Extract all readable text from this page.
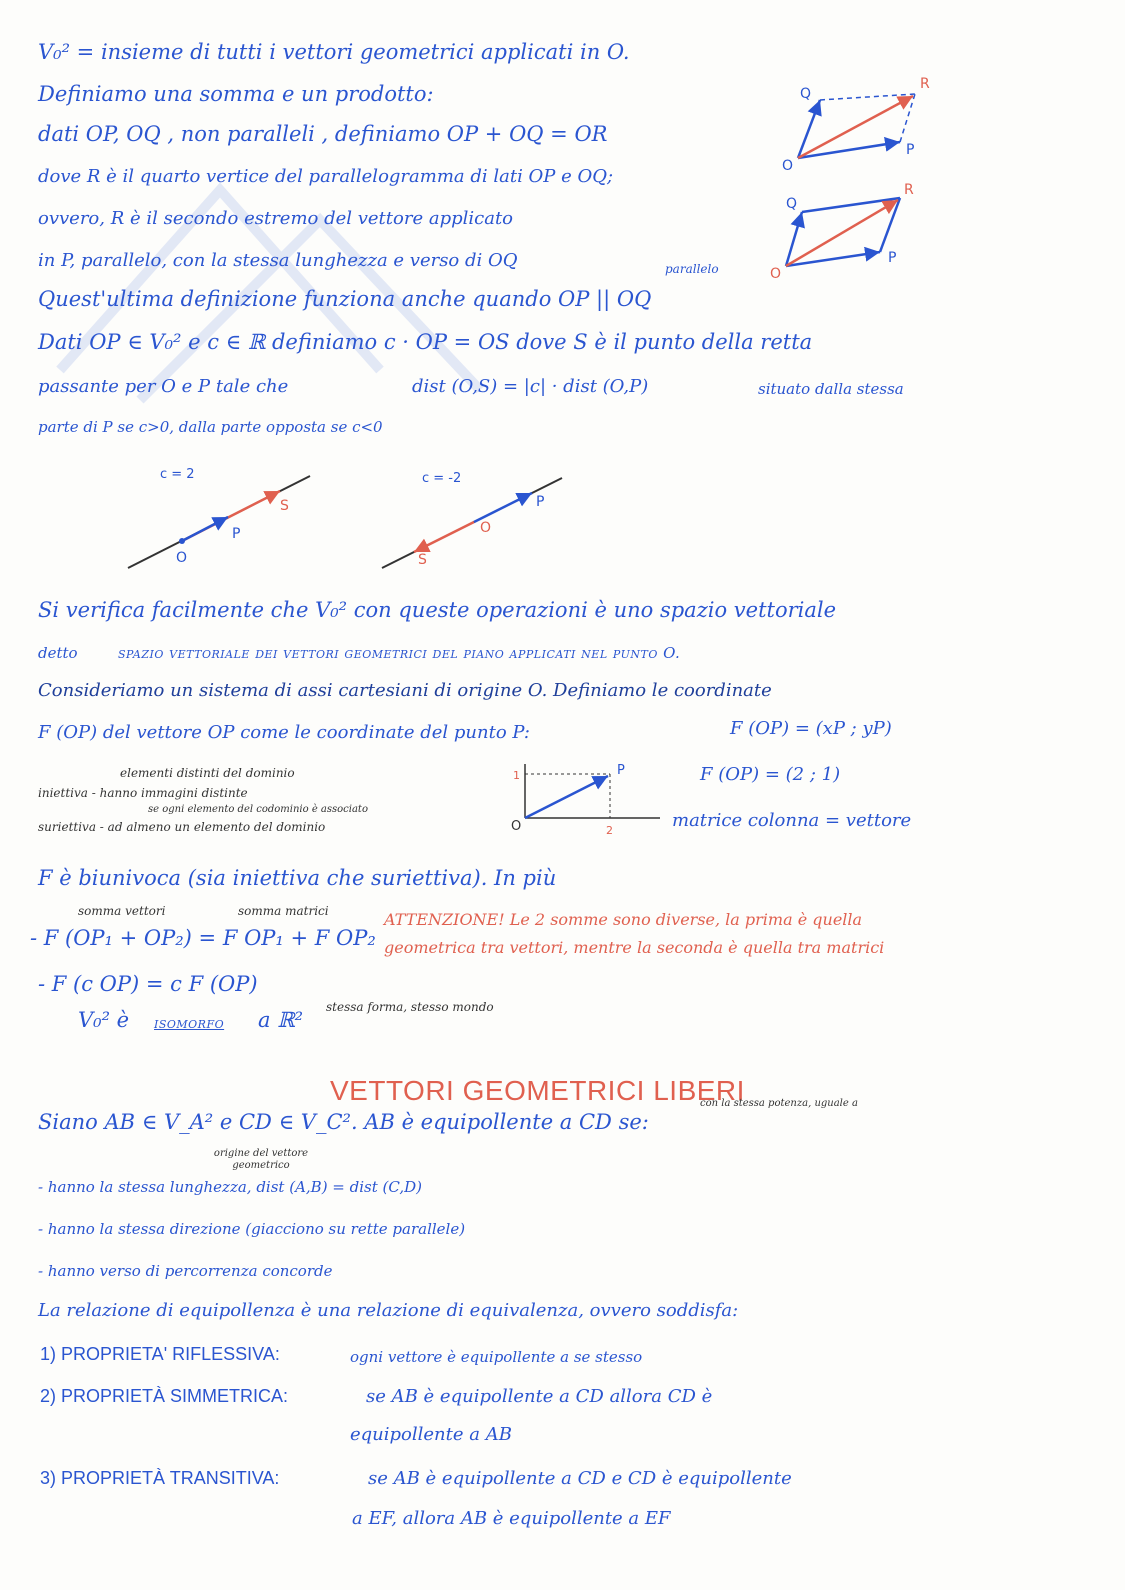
V₀² = insieme di tutti i vettori geometrici applicati in O.
Definiamo una somma e un prodotto:
dati OP, OQ , non paralleli , definiamo OP + OQ = OR
dove R è il quarto vertice del parallelogramma di lati OP e OQ;
ovvero, R è il secondo estremo del vettore applicato
in P, parallelo, con la stessa lunghezza e verso di OQ	parallelo
Quest'ultima definizione funziona anche quando OP || OQ
Dati OP ∈ V₀² e c ∈ ℝ definiamo c · OP = OS dove S è il punto della retta
passante per O e P tale che	dist (O,S) = |c| · dist (O,P)	situato dalla stessa
parte di P se c>0, dalla parte opposta se c<0
Q
R
O
P
Q
R
O
P
c = 2
O
P
S
c = -2
O
P
S
Si verifica facilmente che V₀² con queste operazioni è uno spazio vettoriale
detto	spazio vettoriale dei vettori geometrici del piano applicati nel punto O.
Consideriamo un sistema di assi cartesiani di origine O. Definiamo le coordinate
F (OP) del vettore OP come le coordinate del punto P:	F (OP) = (xP ; yP)
elementi distinti del dominio
iniettiva - hanno immagini distinte
se ogni elemento del codominio è associato
suriettiva - ad almeno un elemento del dominio	O
P
1
2
F (OP) = (2 ; 1)
matrice colonna = vettore
F è biunivoca (sia iniettiva che suriettiva). In più
somma vettori	somma matrici
- F (OP₁ + OP₂) = F OP₁ + F OP₂
- F (c OP) = c F (OP)
ATTENZIONE! Le 2 somme sono diverse, la prima è quella geometrica tra vettori, mentre la seconda è quella tra matrici
V₀² è isomorfo a ℝ²
stessa forma, stesso mondo
VETTORI GEOMETRICI LIBERI
Siano AB ∈ V_A² e CD ∈ V_C². AB è equipollente a CD se:
origine del vettore geometrico
con la stessa potenza, uguale a
- hanno la stessa lunghezza, dist (A,B) = dist (C,D)
- hanno la stessa direzione (giacciono su rette parallele)
- hanno verso di percorrenza concorde
La relazione di equipollenza è una relazione di equivalenza, ovvero soddisfa:
1) PROPRIETA' RIFLESSIVA:	ogni vettore è equipollente a se stesso
2) PROPRIETÀ SIMMETRICA:	se AB è equipollente a CD allora CD è
equipollente a AB
3) PROPRIETÀ TRANSITIVA:	se AB è equipollente a CD e CD è equipollente
a EF, allora AB è equipollente a EF
